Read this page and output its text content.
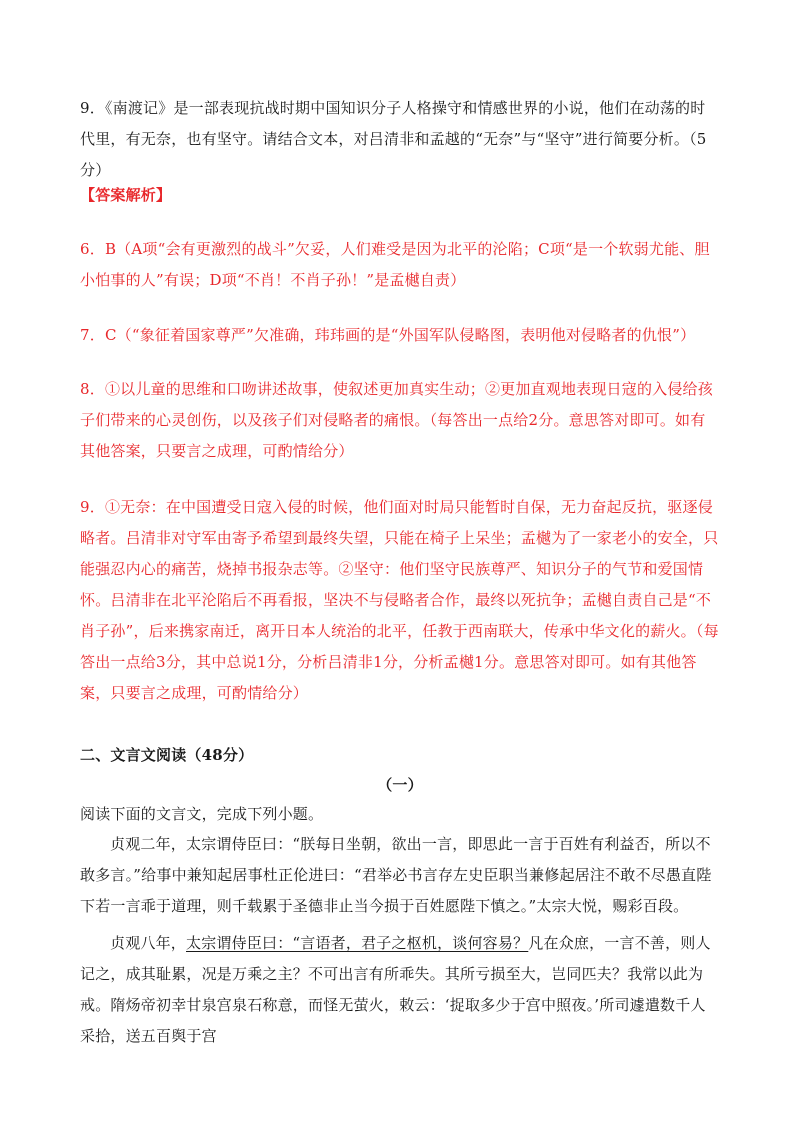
9．《南渡记》是一部表现抗战时期中国知识分子人格操守和情感世界的小说，他们在动荡的时代里，有无奈，也有坚守。请结合文本，对吕清非和孟越的“无奈”与“坚守”进行简要分析。（5分）
【答案解析】
6．B（A项“会有更激烈的战斗”欠妥，人们难受是因为北平的沦陷；C项“是一个软弱尤能、胆小怕事的人”有误；D项“不肖！不肖子孙！”是孟樾自责）
7．C（“象征着国家尊严”欠准确，玮玮画的是“外国军队侵略图，表明他对侵略者的仇恨”）
8．①以儿童的思维和口吻讲述故事，使叙述更加真实生动；②更加直观地表现日寇的入侵给孩子们带来的心灵创伤，以及孩子们对侵略者的痛恨。（每答出一点给2分。意思答对即可。如有其他答案，只要言之成理，可酌情给分）
9．①无奈：在中国遭受日寇入侵的时候，他们面对时局只能暂时自保，无力奋起反抗，驱逐侵略者。吕清非对守军由寄予希望到最终失望，只能在椅子上呆坐；孟樾为了一家老小的安全，只能强忍内心的痛苦，烧掉书报杂志等。②坚守：他们坚守民族尊严、知识分子的气节和爱国情怀。吕清非在北平沦陷后不再看报，坚决不与侵略者合作，最终以死抗争；孟樾自责自己是“不肖子孙”，后来携家南迁，离开日本人统治的北平，任教于西南联大，传承中华文化的薪火。（每答出一点给3分，其中总说1分，分析吕清非1分，分析孟樾1分。意思答对即可。如有其他答案，只要言之成理，可酌情给分）
二、文言文阅读（48分）
（一）
阅读下面的文言文，完成下列小题。
贞观二年，太宗谓侍臣曰：“朕每日坐朝，欲出一言，即思此一言于百姓有利益否，所以不敢多言。”给事中兼知起居事杜正伦进曰：“君举必书言存左史臣职当兼修起居注不敢不尽愚直陛下若一言乖于道理，则千载累于圣德非止当今损于百姓愿陛下慎之。”太宗大悦，赐彩百段。
贞观八年，太宗谓侍臣曰：“言语者，君子之枢机，谈何容易？凡在众庶，一言不善，则人记之，成其耻累，况是万乘之主？不可出言有所乖失。其所亏损至大，岂同匹夫？我常以此为戒。隋炀帝初幸甘泉宫泉石称意，而怪无萤火，敕云：‘捉取多少于宫中照夜。’所司遽遣数千人采拾，送五百舆于宫
